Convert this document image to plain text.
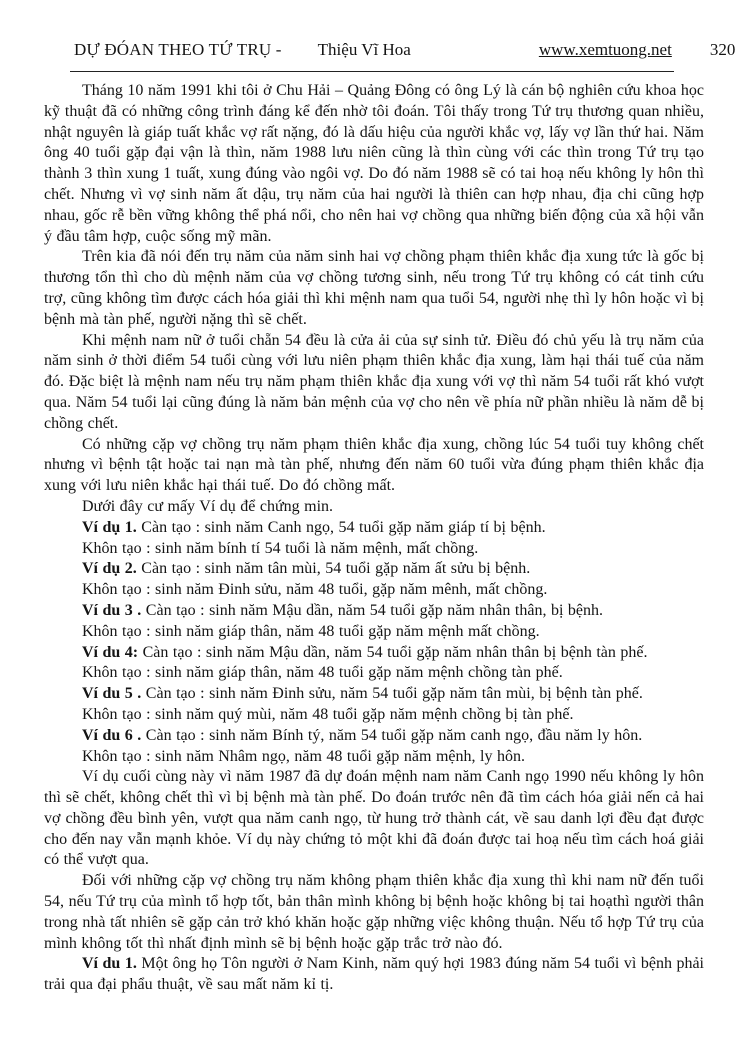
DỰ ĐÓAN THEO TỨ TRỤ - Thiệu Vĩ Hoa	www.xemtuong.net 320

Tháng 10 năm 1991 khi tôi ở Chu Hải – Quảng Đông có ông Lý là cán bộ nghiên cứu khoa học kỹ thuật đã có những công trình đáng kể đến nhờ tôi đoán. Tôi thấy trong Tứ trụ thương quan nhiều, nhật nguyên là giáp tuất khắc vợ rất nặng, đó là dấu hiệu của người khắc vợ, lấy vợ lần thứ hai. Năm ông 40 tuổi gặp đại vận là thìn, năm 1988 lưu niên cũng là thìn cùng với các thìn trong Tứ trụ tạo thành 3 thìn xung 1 tuất, xung đúng vào ngôi vợ. Do đó năm 1988 sẽ có tai hoạ nếu không ly hôn thì chết. Nhưng vì vợ sinh năm ất dậu, trụ năm của hai người là thiên can hợp nhau, địa chi cũng hợp nhau, gốc rễ bền vững không thể phá nổi, cho nên hai vợ chồng qua những biến động của xã hội vẫn ý đầu tâm hợp, cuộc sống mỹ mãn.

Trên kia đã nói đến trụ năm của năm sinh hai vợ chồng phạm thiên khắc địa xung tức là gốc bị thương tổn thì cho dù mệnh năm của vợ chồng tương sinh, nếu trong Tứ trụ không có cát tinh cứu trợ, cũng không tìm được cách hóa giải thì khi mệnh nam qua tuổi 54, người nhẹ thì ly hôn hoặc vì bị bệnh mà tàn phế, người nặng thì sẽ chết.

Khi mệnh nam nữ ở tuổi chẵn 54 đều là cửa ải của sự sinh tử. Điều đó chủ yếu là trụ năm của năm sinh ở thời điểm 54 tuổi cùng với lưu niên phạm thiên khắc địa xung, làm hại thái tuế của năm đó. Đặc biệt là mệnh nam nếu trụ năm phạm thiên khắc địa xung với vợ thì năm 54 tuổi rất khó vượt qua. Năm 54 tuổi lại cũng đúng là năm bản mệnh của vợ cho nên về phía nữ phần nhiều là năm dễ bị chồng chết.

Có những cặp vợ chồng trụ năm phạm thiên khắc địa xung, chồng lúc 54 tuổi tuy không chết nhưng vì bệnh tật hoặc tai nạn mà tàn phế, nhưng đến năm 60 tuổi vừa đúng phạm thiên khắc địa xung với lưu niên khắc hại thái tuế. Do đó chồng mất.

Dưới đây cư mấy Ví dụ để chứng min.

Ví dụ 1. Càn tạo : sinh năm Canh ngọ, 54 tuổi gặp năm giáp tí bị bệnh.

Khôn tạo : sinh năm bính tí 54 tuổi là năm mệnh, mất chồng.

Ví dụ 2. Càn tạo : sinh năm tân mùi, 54 tuổi gặp năm ất sửu bị bệnh.

Khôn tạo : sinh năm Đinh sửu, năm 48 tuổi, gặp năm mênh, mất chồng.

Ví du 3 . Càn tạo : sinh năm Mậu dần, năm 54 tuổi gặp năm nhân thân, bị bệnh.

Khôn tạo : sinh năm giáp thân, năm 48 tuổi gặp năm mệnh mất chồng.

Ví du 4: Càn tạo : sinh năm Mậu dần, năm 54 tuổi gặp năm nhân thân bị bệnh tàn phế.

Khôn tạo : sinh năm giáp thân, năm 48 tuổi gặp năm mệnh chồng tàn phế.

Ví du 5 . Càn tạo : sinh năm Đinh sửu, năm 54 tuổi gặp năm tân mùi, bị bệnh tàn phế.

Khôn tạo : sinh năm quý mùi, năm 48 tuổi gặp năm mệnh chồng bị tàn phế.

Ví du 6 . Càn tạo : sinh năm Bính tý, năm 54 tuổi gặp năm canh ngọ, đầu năm ly hôn.

Khôn tạo : sinh năm Nhâm ngọ, năm 48 tuổi gặp năm mệnh, ly hôn.

Ví dụ cuối cùng này vì năm 1987 đã dự đoán mệnh nam năm Canh ngọ 1990 nếu không ly hôn thì sẽ chết, không chết thì vì bị bệnh mà tàn phế. Do đoán trước nên đã tìm cách hóa giải nến cả hai vợ chồng đều bình yên, vượt qua năm canh ngọ, từ hung trở thành cát, về sau danh lợi đều đạt được cho đến nay vẫn mạnh khỏe. Ví dụ này chứng tỏ một khi đã đoán được tai hoạ nếu tìm cách hoá giải có thể vượt qua.

Đối với những cặp vợ chồng trụ năm không phạm thiên khắc địa xung thì khi nam nữ đến tuổi 54, nếu Tứ trụ của mình tổ hợp tốt, bản thân mình không bị bệnh hoặc không bị tai hoạthì người thân trong nhà tất nhiên sẽ gặp cản trở khó khăn hoặc gặp những việc không thuận. Nếu tổ hợp Tứ trụ của mình không tốt thì nhất định mình sẽ bị bệnh hoặc gặp trắc trở nào đó.

Ví du 1. Một ông họ Tôn người ở Nam Kinh, năm quý hợi 1983 đúng năm 54 tuổi vì bệnh phải trải qua đại phẩu thuật, về sau mất năm kỉ tị.
